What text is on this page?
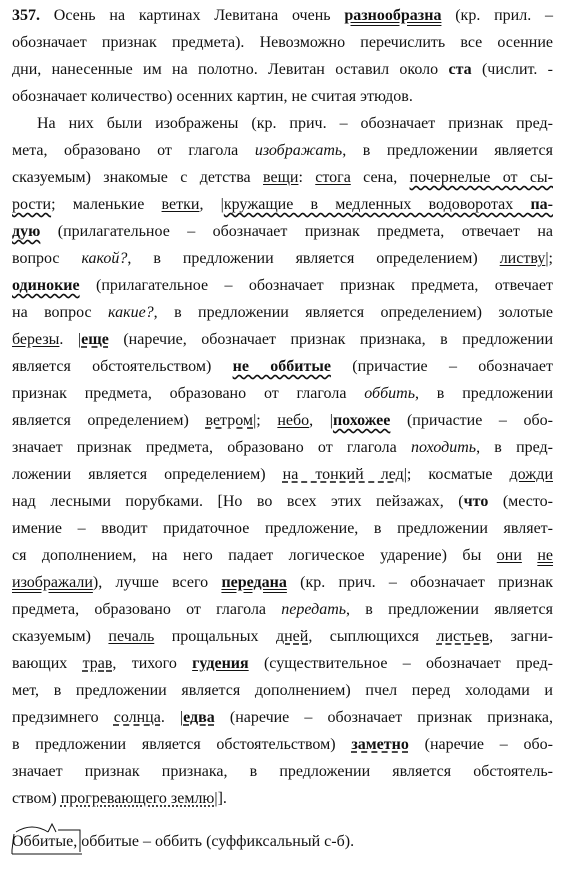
357. Осень на картинах Левитана очень разнообразна (кр. прил. –
обозначает признак предмета). Невозможно перечислить все осенние
дни, нанесенные им на полотно. Левитан оставил около ста (числит. -
обозначает количество) осенних картин, не считая этюдов.
На них были изображены (кр. прич. – обозначает признак пред-
мета, образовано от глагола изображать, в предложении является
сказуемым) знакомые с детства вещи: стога сена, почернелые от сы-
рости; маленькие ветки, |кружащие в медленных водоворотах па-
дую (прилагательное – обозначает признак предмета, отвечает на
вопрос какой?, в предложении является определением) листву|;
одинокие (прилагательное – обозначает признак предмета, отвечает
на вопрос какие?, в предложении является определением) золотые
березы. |еще (наречие, обозначает признак признака, в предложении
является обстоятельством) не оббитые (причастие – обозначает
признак предмета, образовано от глагола оббить, в предложении
является определением) ветром|; небо, |похожее (причастие – обо-
значает признак предмета, образовано от глагола походить, в пред-
ложении является определением) на тонкий лед|; косматые дожди
над лесными порубками. [Но во всех этих пейзажах, (что (место-
имение – вводит придаточное предложение, в предложении являет-
ся дополнением, на него падает логическое ударение) бы они не
изображали), лучше всего передана (кр. прич. – обозначает признак
предмета, образовано от глагола передать, в предложении является
сказуемым) печаль прощальных дней, сыплющихся листьев, загни-
вающих трав, тихого гудения (существительное – обозначает пред-
мет, в предложении является дополнением) пчел перед холодами и
предзимнего солнца. |едва (наречие – обозначает признак признака,
в предложении является обстоятельством) заметно (наречие – обо-
значает признак признака, в предложении является обстоятель-
ством) прогревающего землю|].
Оббитые
, оббитые – оббить (суффиксальный с-б).
